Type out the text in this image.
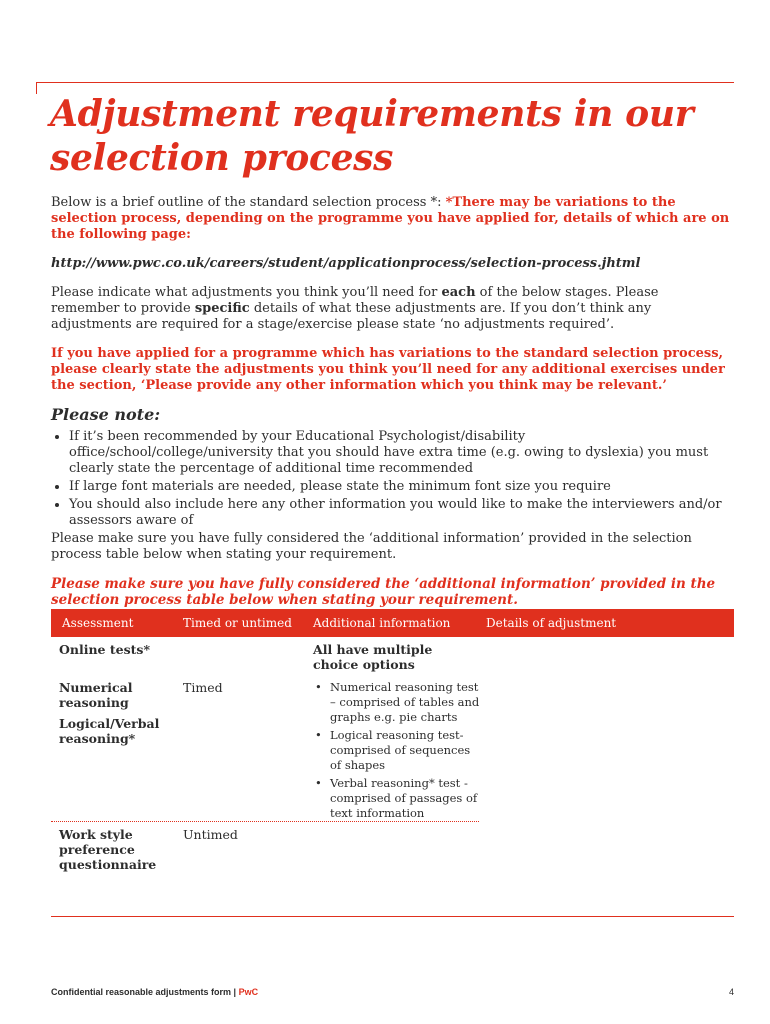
Adjustment requirements in our selection process

Below is a brief outline of the standard selection process *: *There may be variations to the selection process, depending on the programme you have applied for, details of which are on the following page:

http://www.pwc.co.uk/careers/student/applicationprocess/selection-process.jhtml

Please indicate what adjustments you think you’ll need for each of the below stages. Please remember to provide specific details of what these adjustments are. If you don’t think any adjustments are required for a stage/exercise please state ‘no adjustments required’.

If you have applied for a programme which has variations to the standard selection process, please clearly state the adjustments you think you’ll need for any additional exercises under the section, ‘Please provide any other information which you think may be relevant.’

Please note:
• If it’s been recommended by your Educational Psychologist/disability office/school/college/university that you should have extra time (e.g. owing to dyslexia) you must clearly state the percentage of additional time recommended
• If large font materials are needed, please state the minimum font size you require
• You should also include here any other information you would like to make the interviewers and/or assessors aware of

Please make sure you have fully considered the ‘additional information’ provided in the selection process table below when stating your requirement.

Please make sure you have fully considered the ‘additional information’ provided in the selection process table below when stating your requirement.

Assessment	Timed or untimed Additional information	Details of adjustment
Online tests*	All have multiple choice options
Numerical reasoning
Logical/Verbal reasoning*
Timed
•	Numerical reasoning test – comprised of tables and graphs e.g. pie charts
• Logical reasoning test- comprised of sequences of shapes
• Verbal reasoning* test - comprised of passages of text information
Work style preference questionnaire
Untimed
Confidential reasonable adjustments form | PwC	4
